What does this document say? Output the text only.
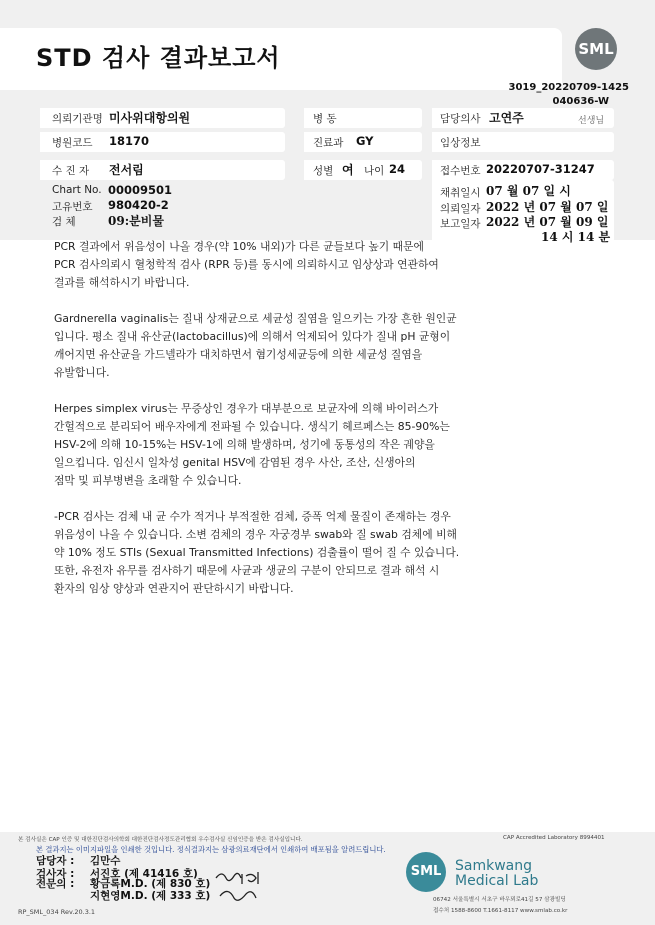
STD 검사 결과보고서	SML
3019_20220709-1425
040636-W
의뢰기관명 미사위대항의원	병 동	담당의사 고연주	선생님
병원코드 18170	진료과 GY	임상정보
수 진 자 전서림	성별 여 나이 24	접수번호 20220707-31247
Chart No. 00009501
고유번호 980420-2
검 체	09:분비물
채취일시 07 월 07 일 시
의뢰일자 2022 년 07 월 07 일
보고일자 2022 년 07 월 09 일
14 시 14 분

PCR 결과에서 위음성이 나올 경우(약 10% 내외)가 다른 균들보다 높기 때문에
PCR 검사의뢰시 혈청학적 검사 (RPR 등)를 동시에 의뢰하시고 임상상과 연관하여
결과를 해석하시기 바랍니다.

Gardnerella vaginalis는 질내 상재균으로 세균성 질염을 일으키는 가장 흔한 원인균
입니다. 평소 질내 유산균(lactobacillus)에 의해서 억제되어 있다가 질내 pH 균형이
깨어지면 유산균을 가드넬라가 대치하면서 혐기성세균등에 의한 세균성 질염을
유발합니다.

Herpes simplex virus는 무증상인 경우가 대부분으로 보균자에 의해 바이러스가
간헐적으로 분리되어 배우자에게 전파될 수 있습니다. 생식기 헤르페스는 85-90%는
HSV-2에 의해 10-15%는 HSV-1에 의해 발생하며, 성기에 동통성의 작은 궤양을
일으킵니다. 임신시 일차성 genital HSV에 감염된 경우 사산, 조산, 신생아의
점막 및 피부병변을 초래할 수 있습니다.

-PCR 검사는 검체 내 균 수가 적거나 부적절한 검체, 증폭 억제 물질이 존재하는 경우
위음성이 나올 수 있습니다. 소변 검체의 경우 자궁경부 swab와 질 swab 검체에 비해
약 10% 정도 STIs (Sexual Transmitted Infections) 검출률이 떨어 질 수 있습니다.
또한, 유전자 유무를 검사하기 때문에 사균과 생균의 구분이 안되므로 결과 해석 시
환자의 임상 양상과 연관지어 판단하시기 바랍니다.

본 검사실은 CAP 인증 및 대한진단검사의학회 대한진단검사정도관리협회 우수검사실 신임인증을 받은 검사실입니다.	CAP Accredited Laboratory 8994401
본 결과지는 이미지파일을 인쇄한 것입니다. 정식결과지는 삼광의료재단에서 인쇄하여 배포됨을 알려드립니다.
담당자 : 김만수
검사자 : 서진호 (제 41416 호)
전문의 : 황금록M.D. (제 830 호)
지현영M.D. (제 333 호)
SML Samkwang
Medical Lab
06742 서울특별시 서초구 바우뫼로41길 57 삼광빌딩
접수처 1588-8600 T.1661-8117 www.smlab.co.kr
RP_SML_034 Rev.20.3.1
